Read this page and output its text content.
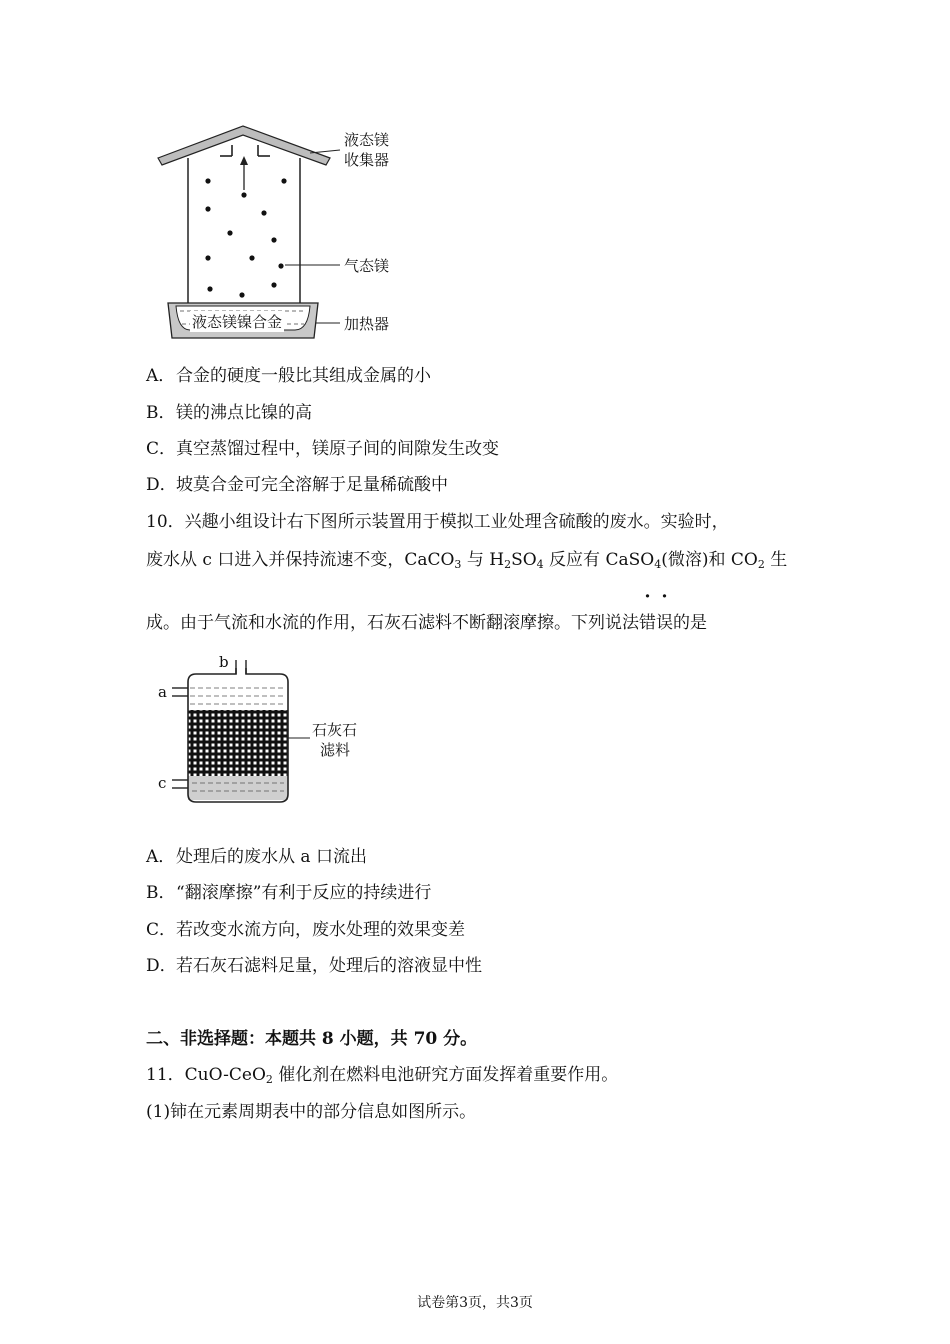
液态镁
收集器
气态镁
加热器
液态镁镍合金
A．合金的硬度一般比其组成金属的小
B．镁的沸点比镍的高
C．真空蒸馏过程中，镁原子间的间隙发生改变
D．坡莫合金可完全溶解于足量稀硫酸中
10．兴趣小组设计右下图所示装置用于模拟工业处理含硫酸的废水。实验时，
废水从 c 口进入并保持流速不变，CaCO$_3$ 与 $H_2SO_4$ 反应有 CaSO$_4$(微溶)和 $CO_2$ 生
成。由于气流和水流的作用，石灰石滤料不断翻滚摩擦。下列说法错误的是
a
b
c
石灰石
滤料
A．处理后的废水从 a 口流出
B．“翻滚摩擦”有利于反应的持续进行
C．若改变水流方向，废水处理的效果变差
D．若石灰石滤料足量，处理后的溶液显中性
二、非选择题：本题共 8 小题，共 70 分。
11．CuO-CeO$_2$ 催化剂在燃料电池研究方面发挥着重要作用。
(1)铈在元素周期表中的部分信息如图所示。
试卷第3页，共3页
